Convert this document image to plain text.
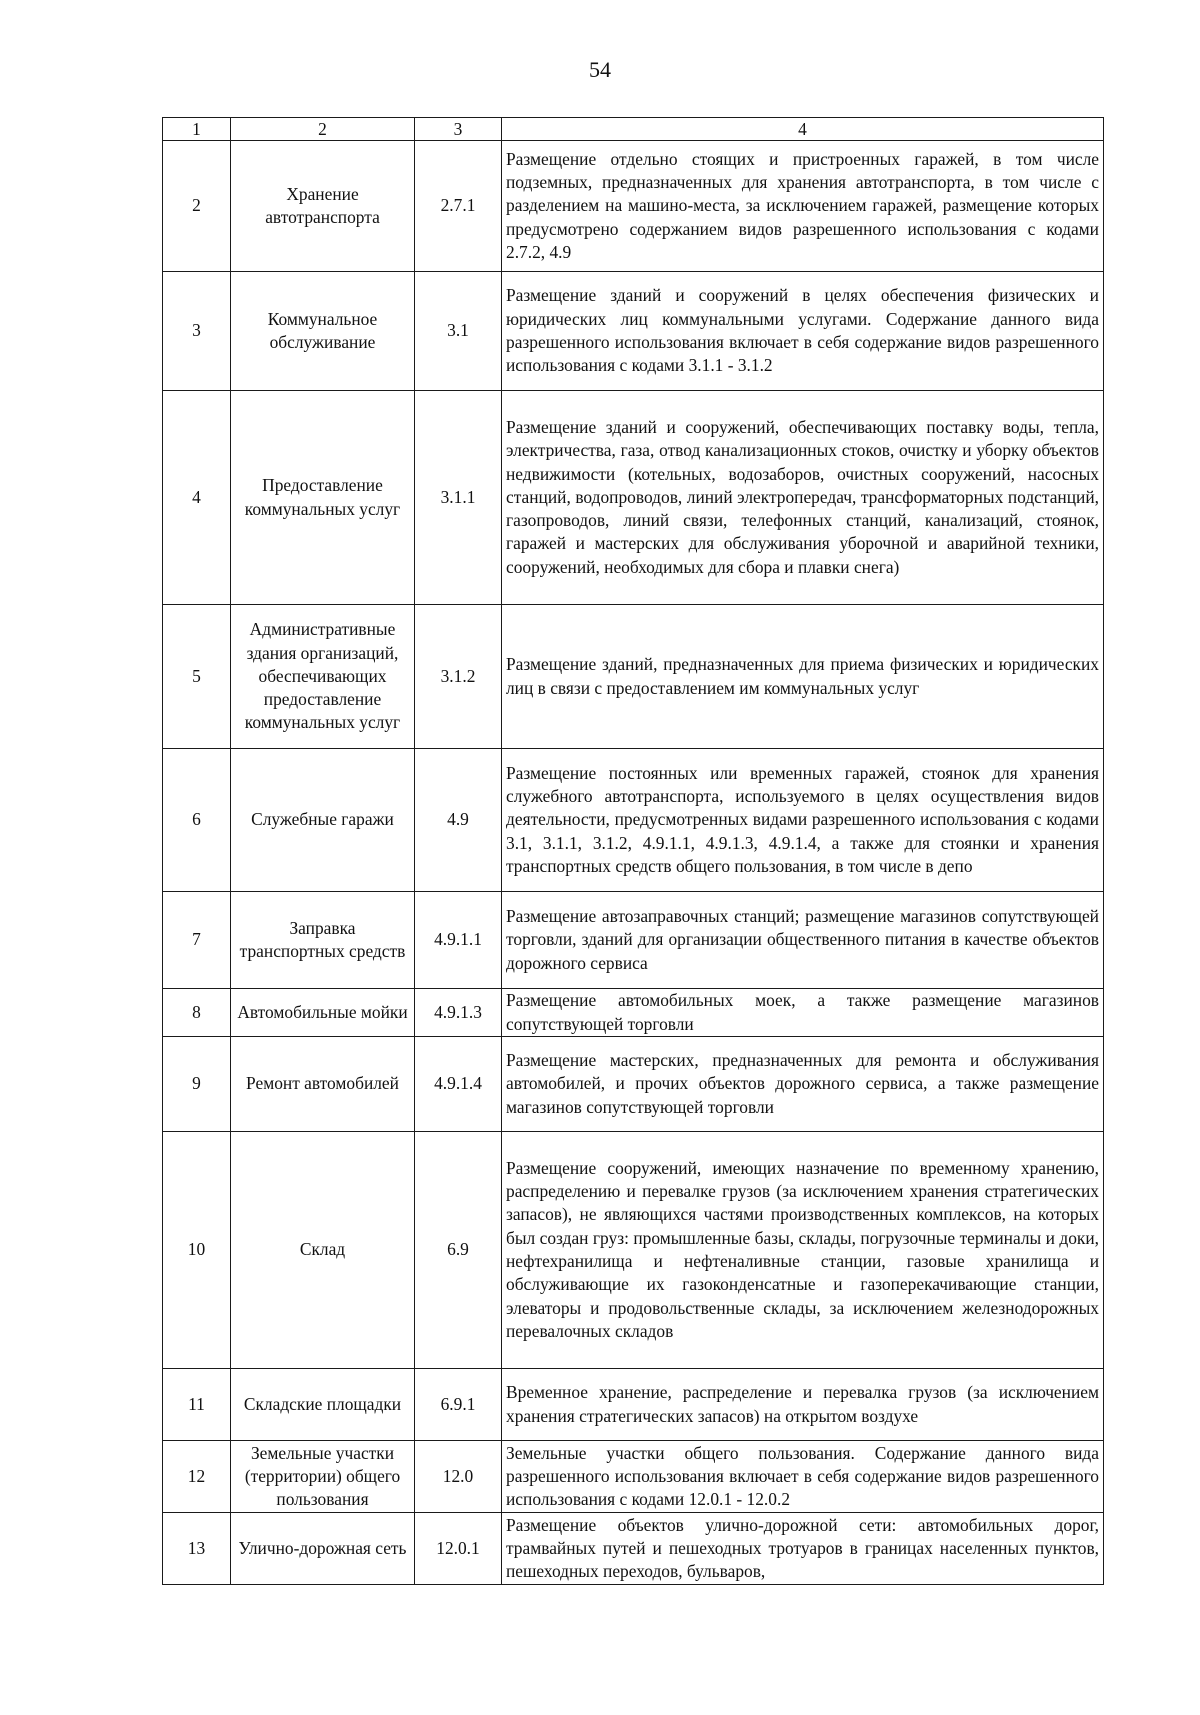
54
1	2	3	4
2	Хранение автотранспорта	2.7.1	Размещение отдельно стоящих и пристроенных гаражей, в том числе подземных, предназначенных для хранения автотранспорта, в том числе с разделением на машино-места, за исключением гаражей, размещение которых предусмотрено содержанием видов разрешенного использования с кодами 2.7.2, 4.9
3	Коммунальное обслуживание	3.1	Размещение зданий и сооружений в целях обеспечения физических и юридических лиц коммунальными услугами. Содержание данного вида разрешенного использования включает в себя содержание видов разрешенного использования с кодами 3.1.1 - 3.1.2
4	Предоставление коммунальных услуг	3.1.1	Размещение зданий и сооружений, обеспечивающих поставку воды, тепла, электричества, газа, отвод канализационных стоков, очистку и уборку объектов недвижимости (котельных, водозаборов, очистных сооружений, насосных станций, водопроводов, линий электропередач, трансформаторных подстанций, газопроводов, линий связи, телефонных станций, канализаций, стоянок, гаражей и мастерских для обслуживания уборочной и аварийной техники, сооружений, необходимых для сбора и плавки снега)
5	Административные здания организаций, обеспечивающих предоставление коммунальных услуг	3.1.2	Размещение зданий, предназначенных для приема физических и юридических лиц в связи с предоставлением им коммунальных услуг
6	Служебные гаражи	4.9	Размещение постоянных или временных гаражей, стоянок для хранения служебного автотранспорта, используемого в целях осуществления видов деятельности, предусмотренных видами разрешенного использования с кодами 3.1, 3.1.1, 3.1.2, 4.9.1.1, 4.9.1.3, 4.9.1.4, а также для стоянки и хранения транспортных средств общего пользования, в том числе в депо
7	Заправка транспортных средств	4.9.1.1	Размещение автозаправочных станций; размещение магазинов сопутствующей торговли, зданий для организации общественного питания в качестве объектов дорожного сервиса
8	Автомобильные мойки	4.9.1.3	Размещение автомобильных моек, а также размещение магазинов сопутствующей торговли
9	Ремонт автомобилей	4.9.1.4	Размещение мастерских, предназначенных для ремонта и обслуживания автомобилей, и прочих объектов дорожного сервиса, а также размещение магазинов сопутствующей торговли
10	Склад	6.9	Размещение сооружений, имеющих назначение по временному хранению, распределению и перевалке грузов (за исключением хранения стратегических запасов), не являющихся частями производственных комплексов, на которых был создан груз: промышленные базы, склады, погрузочные терминалы и доки, нефтехранилища и нефтеналивные станции, газовые хранилища и обслуживающие их газоконденсатные и газоперекачивающие станции, элеваторы и продовольственные склады, за исключением железнодорожных перевалочных складов
11	Складские площадки	6.9.1	Временное хранение, распределение и перевалка грузов (за исключением хранения стратегических запасов) на открытом воздухе
12	Земельные участки (территории) общего пользования	12.0	Земельные участки общего пользования. Содержание данного вида разрешенного использования включает в себя содержание видов разрешенного использования с кодами 12.0.1 - 12.0.2
13	Улично-дорожная сеть	12.0.1	Размещение объектов улично-дорожной сети: автомобильных дорог, трамвайных путей и пешеходных тротуаров в границах населенных пунктов, пешеходных переходов, бульваров,
